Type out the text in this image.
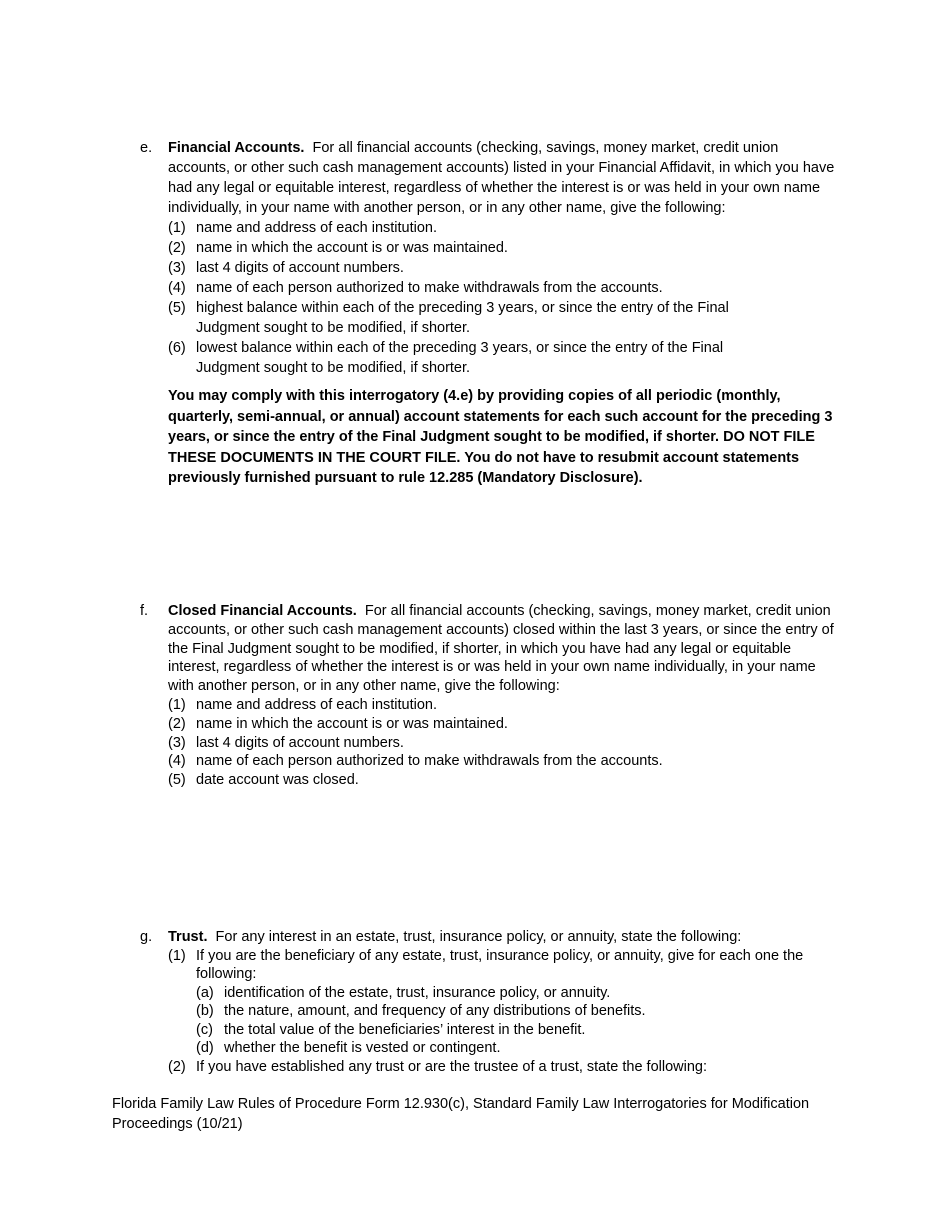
e. Financial Accounts. For all financial accounts (checking, savings, money market, credit union accounts, or other such cash management accounts) listed in your Financial Affidavit, in which you have had any legal or equitable interest, regardless of whether the interest is or was held in your own name individually, in your name with another person, or in any other name, give the following:
(1) name and address of each institution.
(2) name in which the account is or was maintained.
(3) last 4 digits of account numbers.
(4) name of each person authorized to make withdrawals from the accounts.
(5) highest balance within each of the preceding 3 years, or since the entry of the Final Judgment sought to be modified, if shorter.
(6) lowest balance within each of the preceding 3 years, or since the entry of the Final Judgment sought to be modified, if shorter.
You may comply with this interrogatory (4.e) by providing copies of all periodic (monthly, quarterly, semi-annual, or annual) account statements for each such account for the preceding 3 years, or since the entry of the Final Judgment sought to be modified, if shorter. DO NOT FILE THESE DOCUMENTS IN THE COURT FILE. You do not have to resubmit account statements previously furnished pursuant to rule 12.285 (Mandatory Disclosure).
f. Closed Financial Accounts. For all financial accounts (checking, savings, money market, credit union accounts, or other such cash management accounts) closed within the last 3 years, or since the entry of the Final Judgment sought to be modified, if shorter, in which you have had any legal or equitable interest, regardless of whether the interest is or was held in your own name individually, in your name with another person, or in any other name, give the following:
(1) name and address of each institution.
(2) name in which the account is or was maintained.
(3) last 4 digits of account numbers.
(4) name of each person authorized to make withdrawals from the accounts.
(5) date account was closed.
g. Trust. For any interest in an estate, trust, insurance policy, or annuity, state the following:
(1) If you are the beneficiary of any estate, trust, insurance policy, or annuity, give for each one the following:
(a) identification of the estate, trust, insurance policy, or annuity.
(b) the nature, amount, and frequency of any distributions of benefits.
(c) the total value of the beneficiaries’ interest in the benefit.
(d) whether the benefit is vested or contingent.
(2) If you have established any trust or are the trustee of a trust, state the following:
Florida Family Law Rules of Procedure Form 12.930(c), Standard Family Law Interrogatories for Modification Proceedings (10/21)
